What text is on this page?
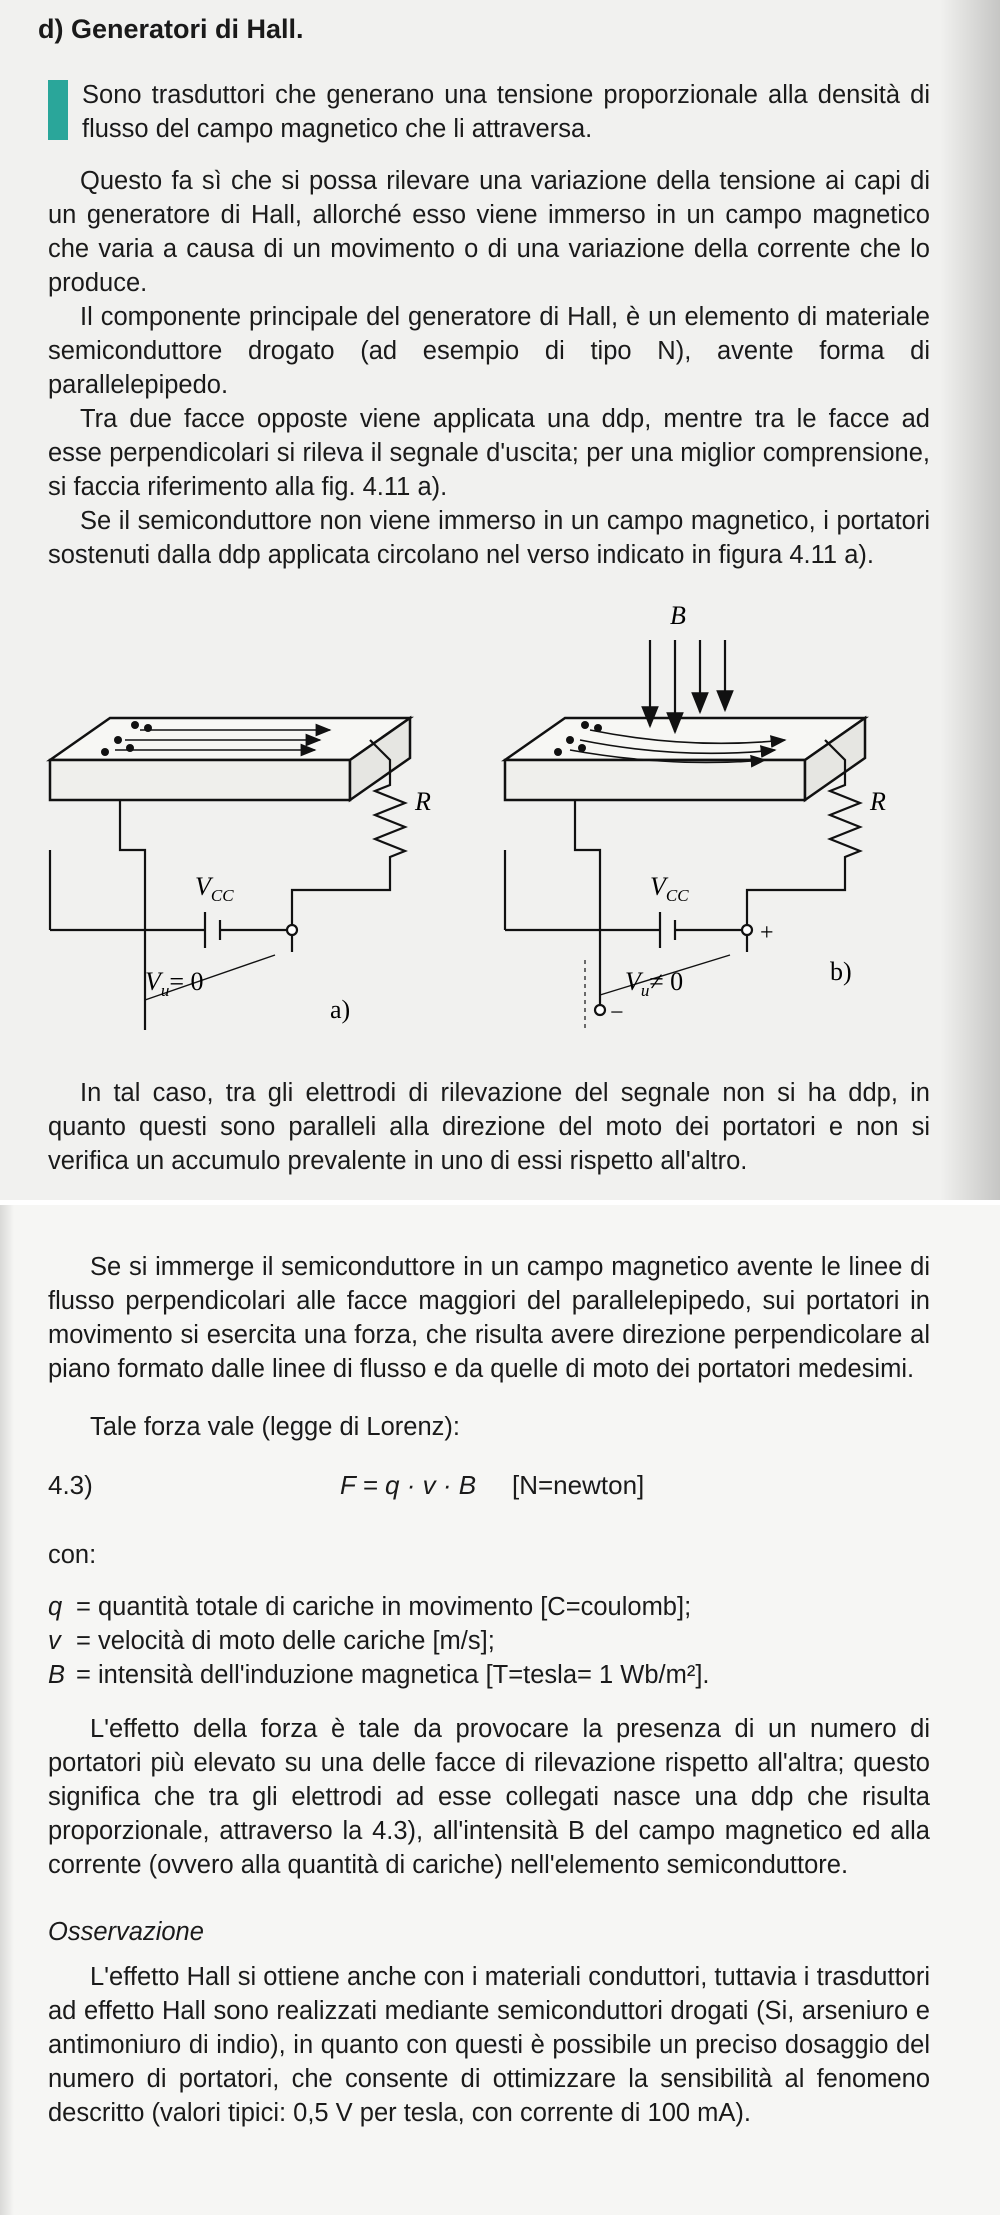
d) Generatori di Hall.

Sono trasduttori che generano una tensione proporzionale alla densità di flusso del campo magnetico che li attraversa.

Questo fa sì che si possa rilevare una variazione della tensione ai capi di un generatore di Hall, allorché esso viene immerso in un campo magnetico che varia a causa di un movimento o di una variazione della corrente che lo produce.

Il componente principale del generatore di Hall, è un elemento di materiale semiconduttore drogato (ad esempio di tipo N), avente forma di parallelepipedo.

Tra due facce opposte viene applicata una ddp, mentre tra le facce ad esse perpendicolari si rileva il segnale d'uscita; per una miglior comprensione, si faccia riferimento alla fig. 4.11 a).

Se il semiconduttore non viene immerso in un campo magnetico, i portatori sostenuti dalla ddp applicata circolano nel verso indicato in figura 4.11 a).

$V_{CC}$
R
$V_u= 0$
a)
B
$V_{CC}$
R
$V_u\ne 0$
+
−
b)

In tal caso, tra gli elettrodi di rilevazione del segnale non si ha ddp, in quanto questi sono paralleli alla direzione del moto dei portatori e non si verifica un accumulo prevalente in uno di essi rispetto all'altro.

Se si immerge il semiconduttore in un campo magnetico avente le linee di flusso perpendicolari alle facce maggiori del parallelepipedo, sui portatori in movimento si esercita una forza, che risulta avere direzione perpendicolare al piano formato dalle linee di flusso e da quelle di moto dei portatori medesimi.

Tale forza vale (legge di Lorenz):

4.3)	F = q · v · B [N=newton]
con:
q = quantità totale di cariche in movimento [C=coulomb];
v = velocità di moto delle cariche [m/s];
B = intensità dell'induzione magnetica [T=tesla= 1 Wb/m²].

L'effetto della forza è tale da provocare la presenza di un numero di portatori più elevato su una delle facce di rilevazione rispetto all'altra; questo significa che tra gli elettrodi ad esse collegati nasce una ddp che risulta proporzionale, attraverso la 4.3), all'intensità B del campo magnetico ed alla corrente (ovvero alla quantità di cariche) nell'elemento semiconduttore.

Osservazione

L'effetto Hall si ottiene anche con i materiali conduttori, tuttavia i trasduttori ad effetto Hall sono realizzati mediante semiconduttori drogati (Si, arseniuro e antimoniuro di indio), in quanto con questi è possibile un preciso dosaggio del numero di portatori, che consente di ottimizzare la sensibilità al fenomeno descritto (valori tipici: 0,5 V per tesla, con corrente di 100 mA).
